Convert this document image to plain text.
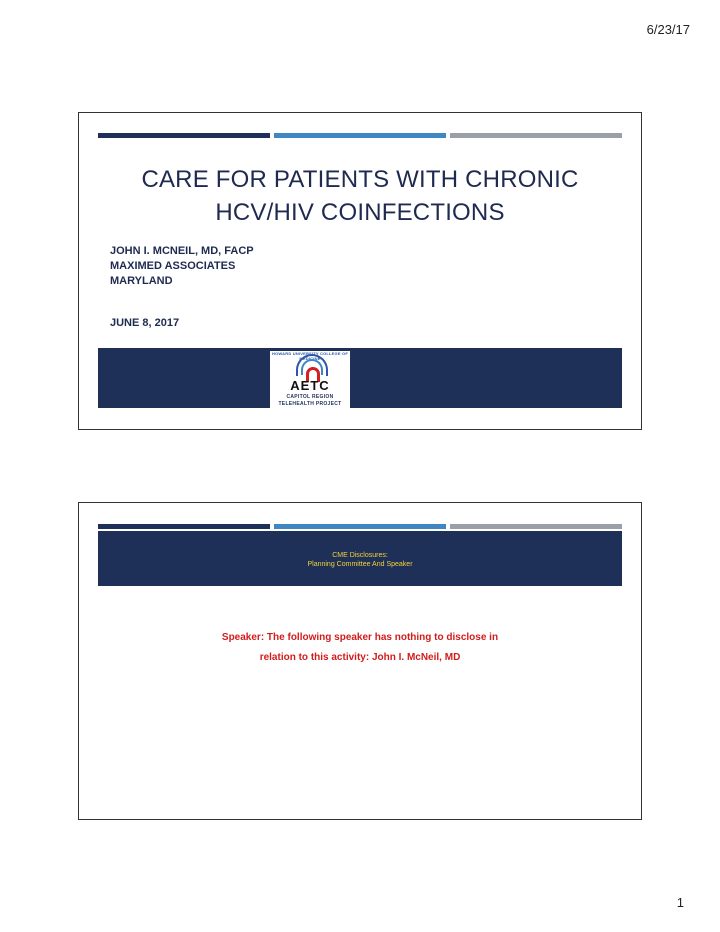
6/23/17
CARE FOR PATIENTS WITH CHRONIC
HCV/HIV COINFECTIONS
JOHN I. MCNEIL, MD, FACP
MAXIMED ASSOCIATES
MARYLAND
JUNE 8, 2017
HOWARD UNIVERSITY COLLEGE OF MEDICINE
AETC
CAPITOL REGION
TELEHEALTH PROJECT
CME Disclosures:
Planning Committee And Speaker
Speaker: The following speaker has nothing to disclose in
relation to this activity: John I. McNeil, MD
1
